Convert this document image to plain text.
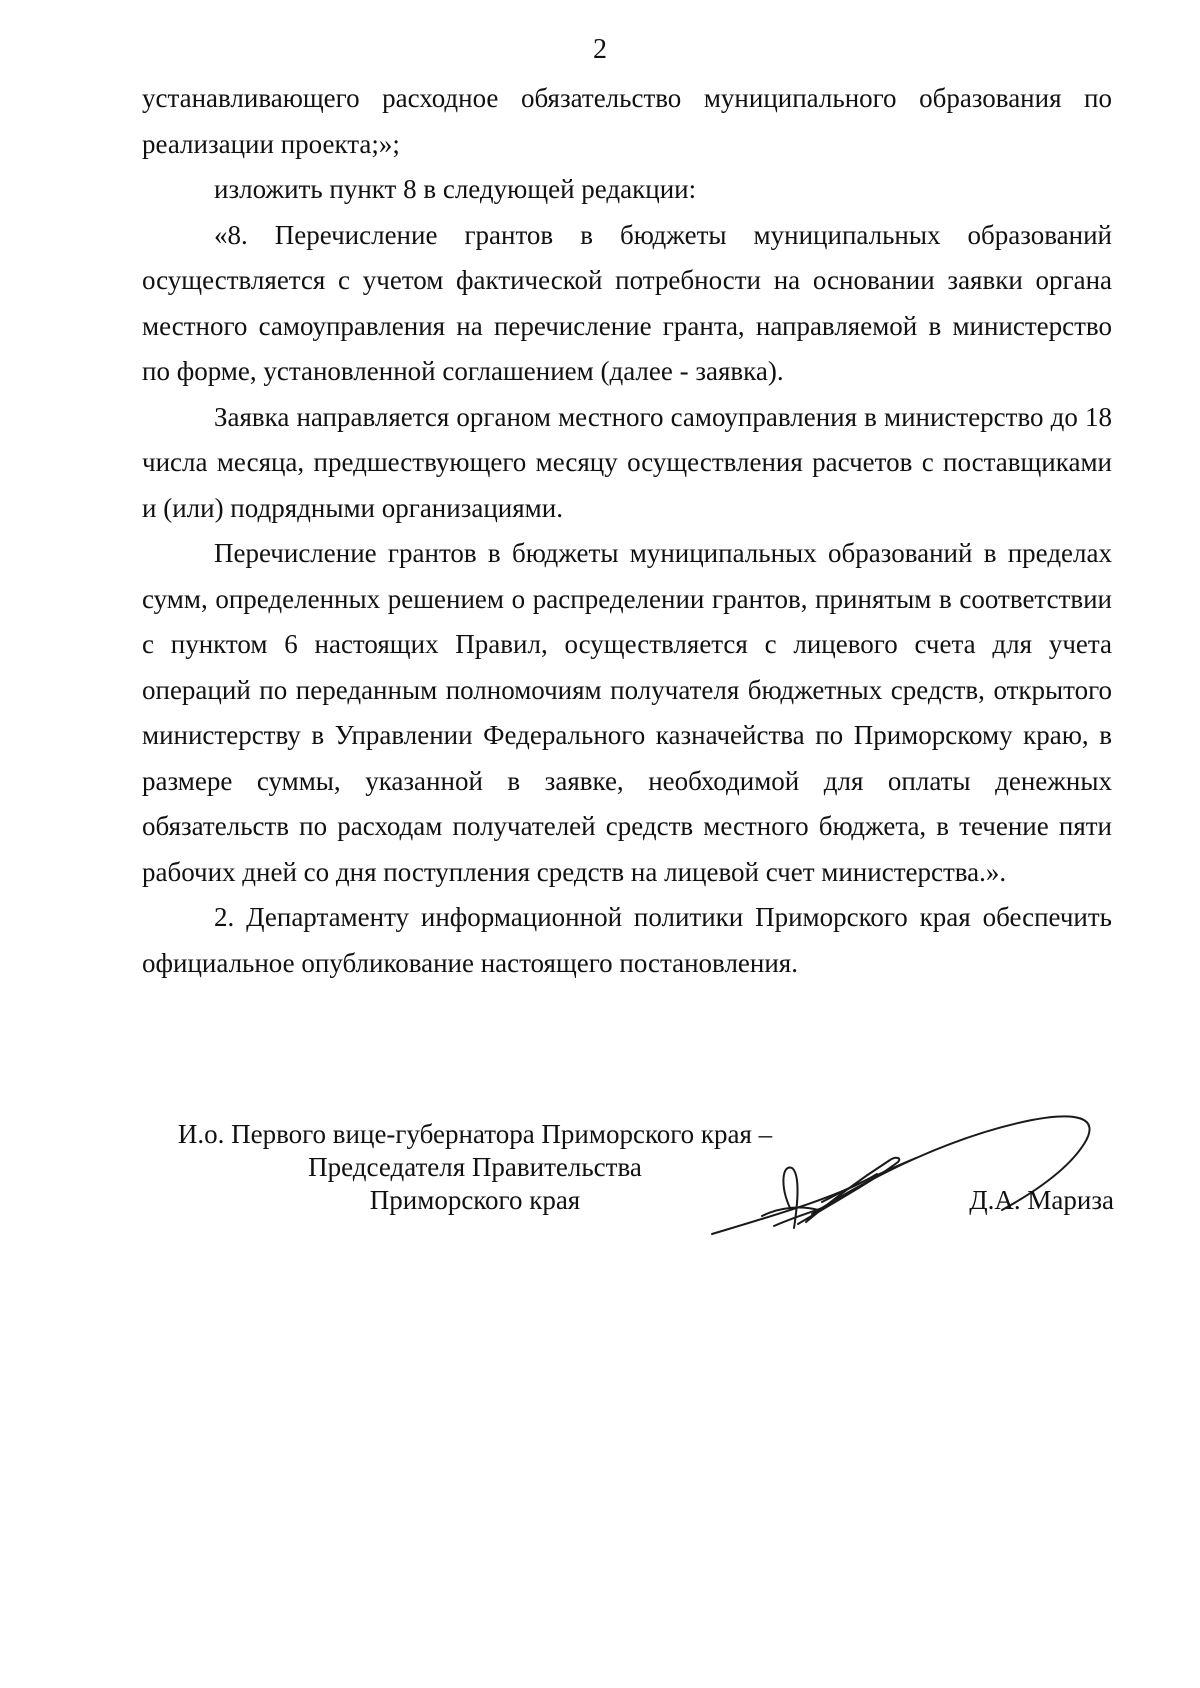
2

устанавливающего расходное обязательство муниципального образования по реализации проекта;»;

изложить пункт 8 в следующей редакции:

«8. Перечисление грантов в бюджеты муниципальных образований осуществляется с учетом фактической потребности на основании заявки органа местного самоуправления на перечисление гранта, направляемой в министерство по форме, установленной соглашением (далее - заявка).

Заявка направляется органом местного самоуправления в министерство до 18 числа месяца, предшествующего месяцу осуществления расчетов с поставщиками и (или) подрядными организациями.

Перечисление грантов в бюджеты муниципальных образований в пределах сумм, определенных решением о распределении грантов, принятым в соответствии с пунктом 6 настоящих Правил, осуществляется с лицевого счета для учета операций по переданным полномочиям получателя бюджетных средств, открытого министерству в Управлении Федерального казначейства по Приморскому краю, в размере суммы, указанной в заявке, необходимой для оплаты денежных обязательств по расходам получателей средств местного бюджета, в течение пяти рабочих дней со дня поступления средств на лицевой счет министерства.».

2. Департаменту информационной политики Приморского края обеспечить официальное опубликование настоящего постановления.

И.о. Первого вице-губернатора Приморского края –
Председателя Правительства
Приморского края	Д.А. Мариза
